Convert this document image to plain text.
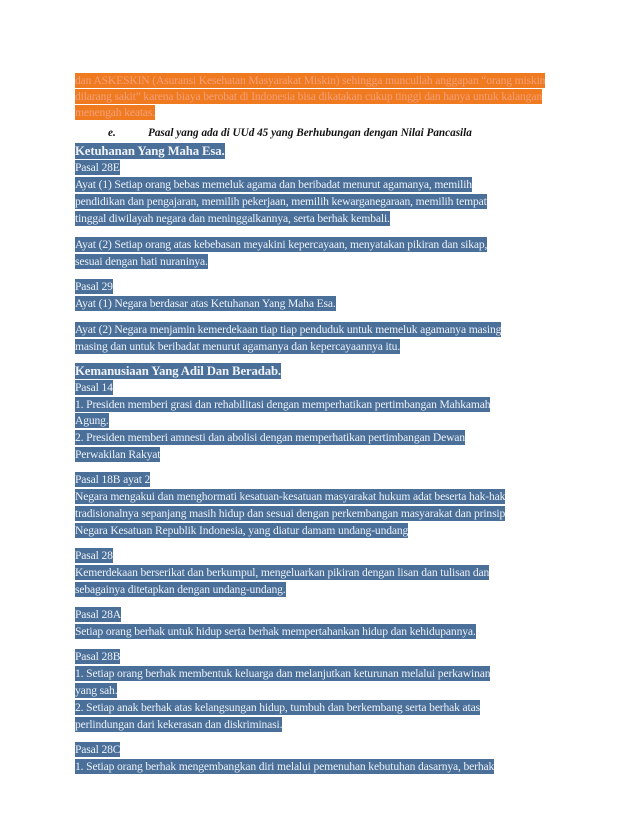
dan ASKESKIN (Asuransi Kesehatan Masyarakat Miskin) sehingga muncullah anggapan “orang miskin
dilarang sakit” karena biaya berobat di Indonesia bisa dikatakan cukup tinggi dan hanya untuk kalangan
menengah keatas.
e.	Pasal yang ada di UUd 45 yang Berhubungan dengan Nilai Pancasila
Ketuhanan Yang Maha Esa.
Pasal 28E
Ayat (1) Setiap orang bebas memeluk agama dan beribadat menurut agamanya, memilih
pendidikan dan pengajaran, memilih pekerjaan, memilih kewarganegaraan, memilih tempat
tinggal diwilayah negara dan meninggalkannya, serta berhak kembali.
Ayat (2) Setiap orang atas kebebasan meyakini kepercayaan, menyatakan pikiran dan sikap,
sesuai dengan hati nuraninya.
Pasal 29
Ayat (1) Negara berdasar atas Ketuhanan Yang Maha Esa.
Ayat (2) Negara menjamin kemerdekaan tiap tiap penduduk untuk memeluk agamanya masing
masing dan untuk beribadat menurut agamanya dan kepercayaannya itu.
Kemanusiaan Yang Adil Dan Beradab.
Pasal 14
1. Presiden memberi grasi dan rehabilitasi dengan memperhatikan pertimbangan Mahkamah
Agung.
2. Presiden memberi amnesti dan abolisi dengan memperhatikan pertimbangan Dewan
Perwakilan Rakyat
Pasal 18B ayat 2
Negara mengakui dan menghormati kesatuan-kesatuan masyarakat hukum adat beserta hak-hak
tradisionalnya sepanjang masih hidup dan sesuai dengan perkembangan masyarakat dan prinsip
Negara Kesatuan Republik Indonesia, yang diatur damam undang-undang
Pasal 28
Kemerdekaan berserikat dan berkumpul, mengeluarkan pikiran dengan lisan dan tulisan dan
sebagainya ditetapkan dengan undang-undang.
Pasal 28A
Setiap orang berhak untuk hidup serta berhak mempertahankan hidup dan kehidupannya.
Pasal 28B
1. Setiap orang berhak membentuk keluarga dan melanjutkan keturunan melalui perkawinan
yang sah.
2. Setiap anak berhak atas kelangsungan hidup, tumbuh dan berkembang serta berhak atas
perlindungan dari kekerasan dan diskriminasi.
Pasal 28C
1. Setiap orang berhak mengembangkan diri melalui pemenuhan kebutuhan dasarnya, berhak
